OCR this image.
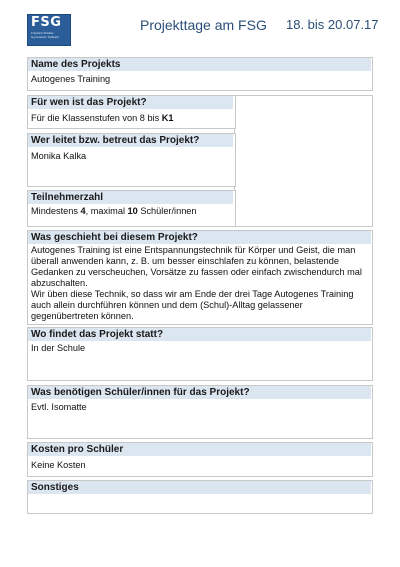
FSG
Friedrich-Schiller-Gymnasium Fellbach
Projekttage am FSG 18. bis 20.07.17
Name des Projekts
Autogenes Training
Für wen ist das Projekt?
Für die Klassenstufen von 8 bis K1
Wer leitet bzw. betreut das Projekt?
Monika Kalka
Teilnehmerzahl
Mindestens 4, maximal 10 Schüler/innen
Was geschieht bei diesem Projekt?
Autogenes Training ist eine Entspannungstechnik für Körper und Geist, die man überall anwenden kann, z. B. um besser einschlafen zu können, belastende Gedanken zu verscheuchen, Vorsätze zu fassen oder einfach zwischendurch mal abzuschalten.
Wir üben diese Technik, so dass wir am Ende der drei Tage Autogenes Training auch allein durchführen können und dem (Schul)-Alltag gelassener gegenübertreten können.
Wo findet das Projekt statt?
In der Schule
Was benötigen Schüler/innen für das Projekt?
Evtl. Isomatte
Kosten pro Schüler
Keine Kosten
Sonstiges
